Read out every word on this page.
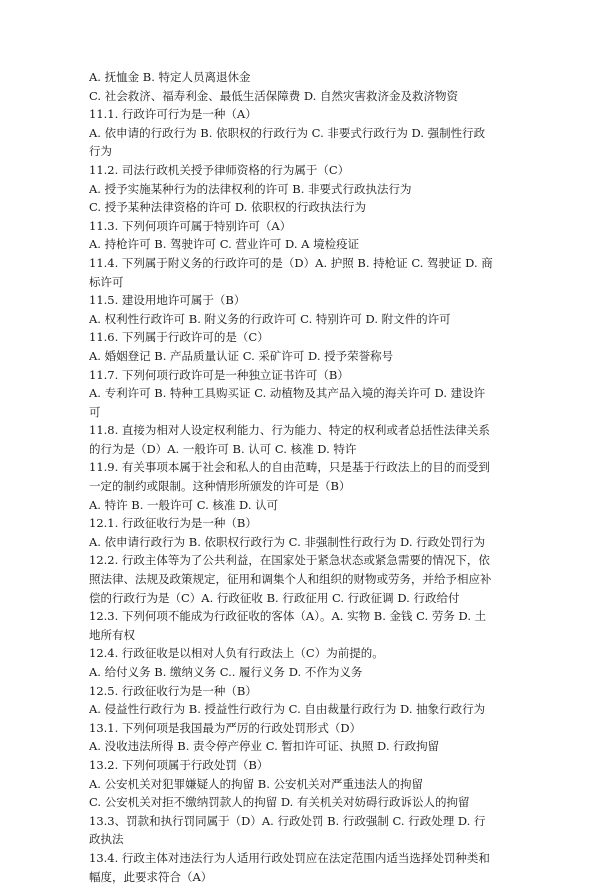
A. 抚恤金 B. 特定人员离退休金
C. 社会救济、福寿利金、最低生活保障费 D. 自然灾害救济金及救济物资
11.1. 行政许可行为是一种（A）
A. 依申请的行政行为 B. 依职权的行政行为 C. 非要式行政行为 D. 强制性行政
行为
11.2. 司法行政机关授予律师资格的行为属于（C）
A. 授予实施某种行为的法律权利的许可 B. 非要式行政执法行为
C. 授予某种法律资格的许可 D. 依职权的行政执法行为
11.3. 下列何项许可属于特别许可（A）
A. 持枪许可 B. 驾驶许可 C. 营业许可 D. A 境检疫证
11.4. 下列属于附义务的行政许可的是（D）A. 护照 B. 持枪证 C. 驾驶证 D. 商
标许可
11.5. 建设用地许可属于（B）
A. 权利性行政许可 B. 附义务的行政许可 C. 特别许可 D. 附文件的许可
11.6. 下列属于行政许可的是（C）
A. 婚姻登记 B. 产品质量认证 C. 采矿许可 D. 授予荣誉称号
11.7. 下列何项行政许可是一种独立证书许可（B）
A. 专利许可 B. 特种工具购买证 C. 动植物及其产品入境的海关许可 D. 建设许
可
11.8. 直接为相对人设定权利能力、行为能力、特定的权利或者总括性法律关系
的行为是（D）A. 一般许可 B. 认可 C. 核准 D. 特许
11.9. 有关事项本属于社会和私人的自由范畴，只是基于行政法上的目的而受到
一定的制约或限制。这种情形所颁发的许可是（B）
A. 特许 B. 一般许可 C. 核准 D. 认可
12.1. 行政征收行为是一种（B）
A. 依申请行政行为 B. 依职权行政行为 C. 非强制性行政行为 D. 行政处罚行为
12.2. 行政主体等为了公共利益，在国家处于紧急状态或紧急需要的情况下，依
照法律、法规及政策规定，征用和调集个人和组织的财物或劳务，并给予相应补
偿的行政行为是（C）A. 行政征收 B. 行政征用 C. 行政征调 D. 行政给付
12.3. 下列何项不能成为行政征收的客体（A）。A. 实物 B. 金钱 C. 劳务 D. 土
地所有权
12.4. 行政征收是以相对人负有行政法上（C）为前提的。
A. 给付义务 B. 缴纳义务 C.. 履行义务 D. 不作为义务
12.5. 行政征收行为是一种（B）
A. 侵益性行政行为 B. 授益性行政行为 C. 自由裁量行政行为 D. 抽象行政行为
13.1. 下列何项是我国最为严厉的行政处罚形式（D）
A. 没收违法所得 B. 责令停产停业 C. 暂扣许可证、执照 D. 行政拘留
13.2. 下列何项属于行政处罚（B）
A. 公安机关对犯罪嫌疑人的拘留 B. 公安机关对严重违法人的拘留
C. 公安机关对拒不缴纳罚款人的拘留 D. 有关机关对妨碍行政诉讼人的拘留
13.3、罚款和执行罚同属于（D）A. 行政处罚 B. 行政强制 C. 行政处理 D. 行
政执法
13.4. 行政主体对违法行为人适用行政处罚应在法定范围内适当选择处罚种类和
幅度，此要求符合（A）
